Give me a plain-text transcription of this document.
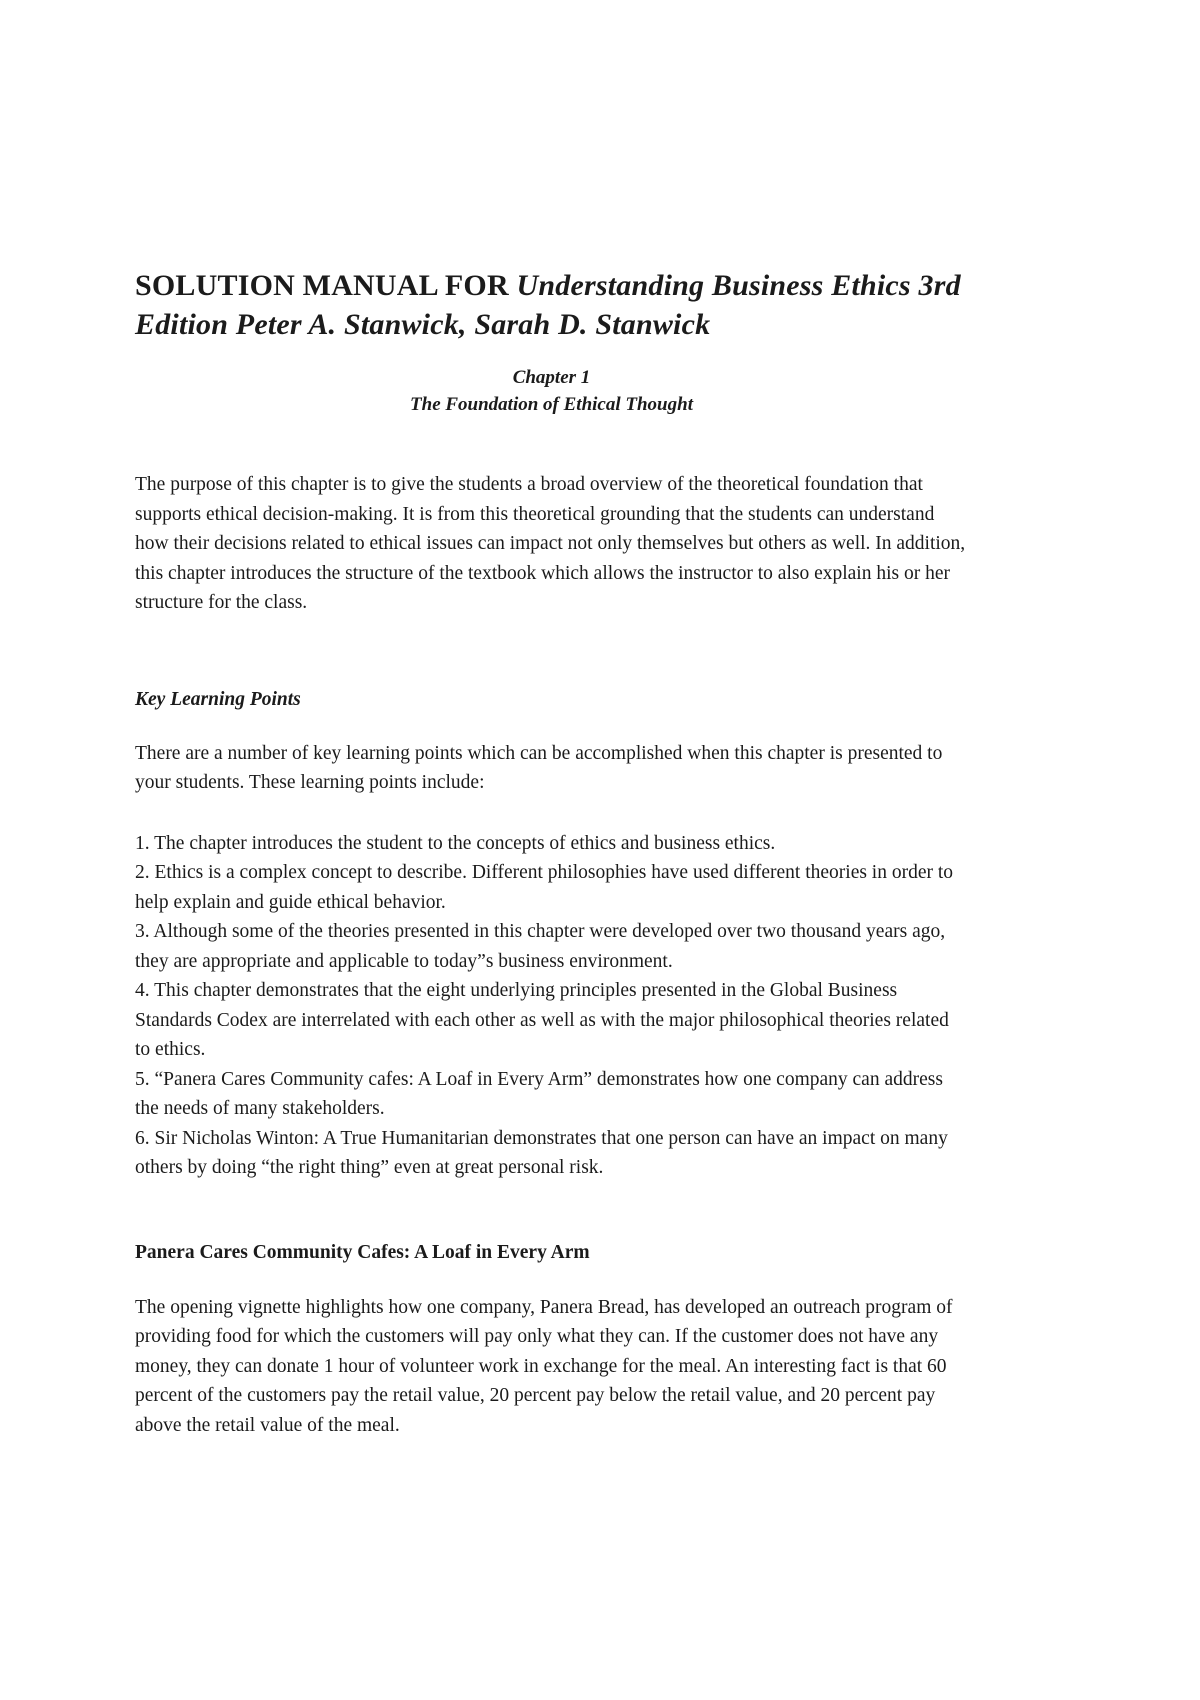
SOLUTION MANUAL FOR Understanding Business Ethics 3rd Edition Peter A. Stanwick, Sarah D. Stanwick
Chapter 1
The Foundation of Ethical Thought

The purpose of this chapter is to give the students a broad overview of the theoretical foundation that supports ethical decision-making. It is from this theoretical grounding that the students can understand how their decisions related to ethical issues can impact not only themselves but others as well. In addition, this chapter introduces the structure of the textbook which allows the instructor to also explain his or her structure for the class.

Key Learning Points

There are a number of key learning points which can be accomplished when this chapter is presented to your students. These learning points include:

1. The chapter introduces the student to the concepts of ethics and business ethics.
2. Ethics is a complex concept to describe. Different philosophies have used different theories in order to help explain and guide ethical behavior.
3. Although some of the theories presented in this chapter were developed over two thousand years ago, they are appropriate and applicable to today”s business environment.
4. This chapter demonstrates that the eight underlying principles presented in the Global Business Standards Codex are interrelated with each other as well as with the major philosophical theories related to ethics.
5. “Panera Cares Community cafes: A Loaf in Every Arm” demonstrates how one company can address the needs of many stakeholders.
6. Sir Nicholas Winton: A True Humanitarian demonstrates that one person can have an impact on many others by doing “the right thing” even at great personal risk.
Panera Cares Community Cafes: A Loaf in Every Arm

The opening vignette highlights how one company, Panera Bread, has developed an outreach program of providing food for which the customers will pay only what they can. If the customer does not have any money, they can donate 1 hour of volunteer work in exchange for the meal. An interesting fact is that 60 percent of the customers pay the retail value, 20 percent pay below the retail value, and 20 percent pay above the retail value of the meal.
